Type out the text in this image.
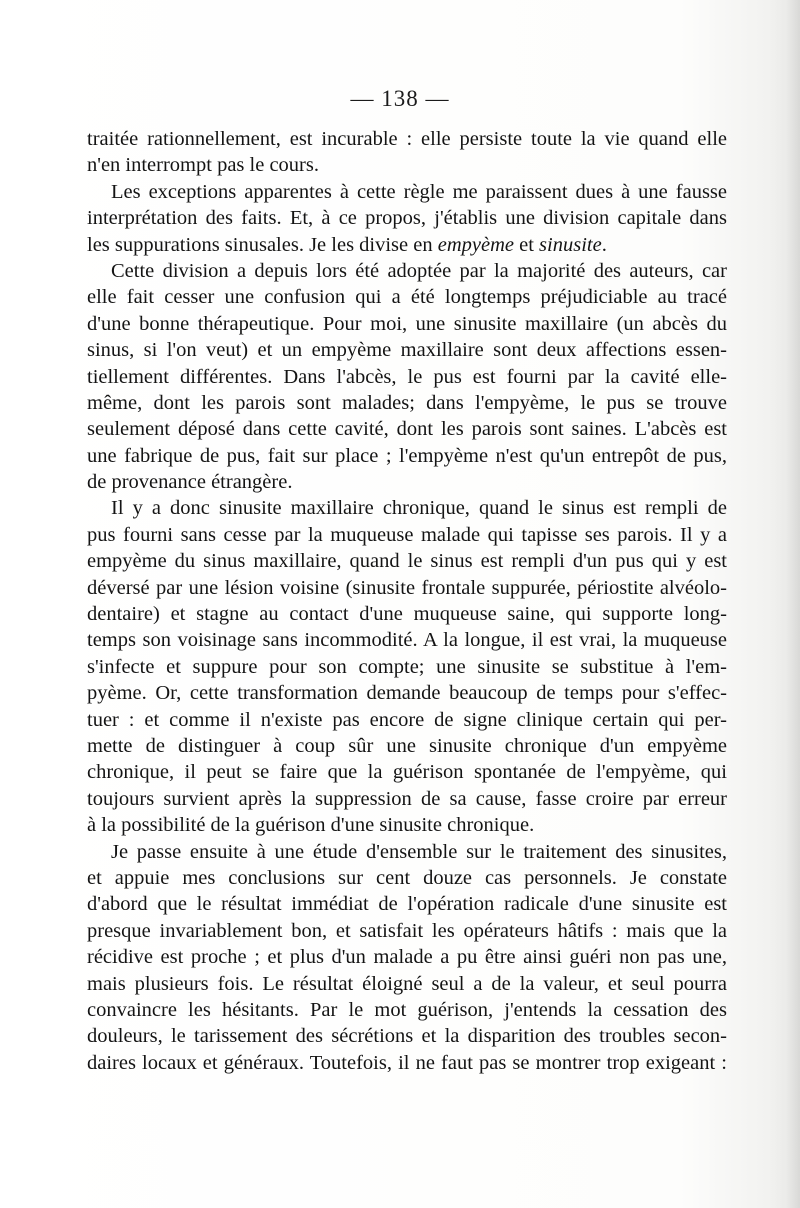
— 138 —

traitée rationnellement, est incurable : elle persiste toute la vie quand elle
n'en interrompt pas le cours.

Les exceptions apparentes à cette règle me paraissent dues à une fausse
interprétation des faits. Et, à ce propos, j'établis une division capitale dans
les suppurations sinusales. Je les divise en empyème et sinusite.

Cette division a depuis lors été adoptée par la majorité des auteurs, car
elle fait cesser une confusion qui a été longtemps préjudiciable au tracé
d'une bonne thérapeutique. Pour moi, une sinusite maxillaire (un abcès du
sinus, si l'on veut) et un empyème maxillaire sont deux affections essen-
tiellement différentes. Dans l'abcès, le pus est fourni par la cavité elle-
même, dont les parois sont malades; dans l'empyème, le pus se trouve
seulement déposé dans cette cavité, dont les parois sont saines. L'abcès est
une fabrique de pus, fait sur place ; l'empyème n'est qu'un entrepôt de pus,
de provenance étrangère.

Il y a donc sinusite maxillaire chronique, quand le sinus est rempli de
pus fourni sans cesse par la muqueuse malade qui tapisse ses parois. Il y a
empyème du sinus maxillaire, quand le sinus est rempli d'un pus qui y est
déversé par une lésion voisine (sinusite frontale suppurée, périostite alvéolo-
dentaire) et stagne au contact d'une muqueuse saine, qui supporte long-
temps son voisinage sans incommodité. A la longue, il est vrai, la muqueuse
s'infecte et suppure pour son compte; une sinusite se substitue à l'em-
pyème. Or, cette transformation demande beaucoup de temps pour s'effec-
tuer : et comme il n'existe pas encore de signe clinique certain qui per-
mette de distinguer à coup sûr une sinusite chronique d'un empyème
chronique, il peut se faire que la guérison spontanée de l'empyème, qui
toujours survient après la suppression de sa cause, fasse croire par erreur
à la possibilité de la guérison d'une sinusite chronique.

Je passe ensuite à une étude d'ensemble sur le traitement des sinusites,
et appuie mes conclusions sur cent douze cas personnels. Je constate
d'abord que le résultat immédiat de l'opération radicale d'une sinusite est
presque invariablement bon, et satisfait les opérateurs hâtifs : mais que la
récidive est proche ; et plus d'un malade a pu être ainsi guéri non pas une,
mais plusieurs fois. Le résultat éloigné seul a de la valeur, et seul pourra
convaincre les hésitants. Par le mot guérison, j'entends la cessation des
douleurs, le tarissement des sécrétions et la disparition des troubles secon-
daires locaux et généraux. Toutefois, il ne faut pas se montrer trop exigeant :
